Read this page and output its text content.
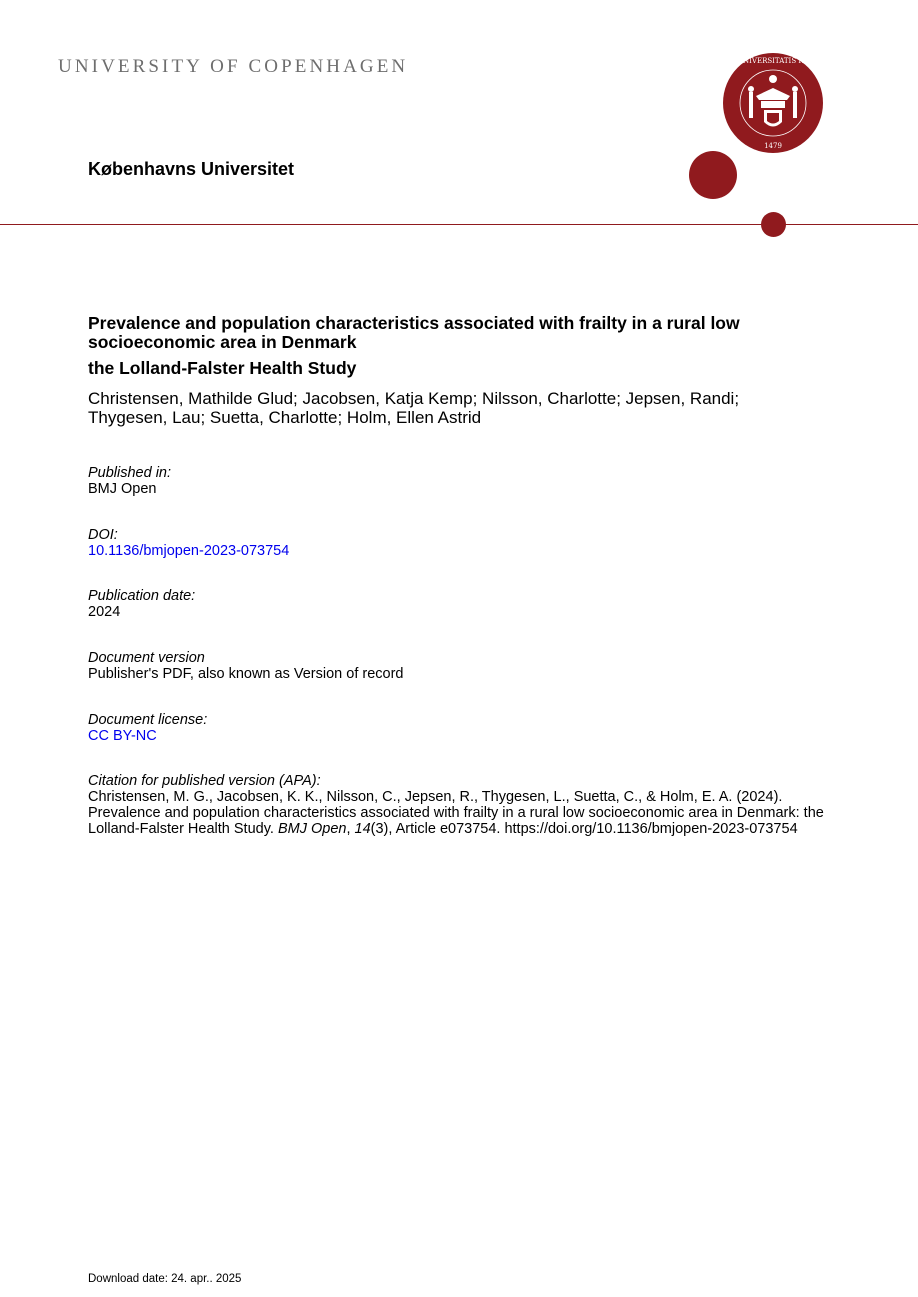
UNIVERSITY OF COPENHAGEN
Københavns Universitet
SIGILLVM VNIVERSITATIS HAFNIENSIS
1479
Prevalence and population characteristics associated with frailty in a rural low socioeconomic area in Denmark
the Lolland-Falster Health Study
Christensen, Mathilde Glud; Jacobsen, Katja Kemp; Nilsson, Charlotte; Jepsen, Randi; Thygesen, Lau; Suetta, Charlotte; Holm, Ellen Astrid
Published in:
BMJ Open
DOI:
10.1136/bmjopen-2023-073754
Publication date:
2024
Document version
Publisher's PDF, also known as Version of record
Document license:
CC BY-NC
Citation for published version (APA):
Christensen, M. G., Jacobsen, K. K., Nilsson, C., Jepsen, R., Thygesen, L., Suetta, C., & Holm, E. A. (2024). Prevalence and population characteristics associated with frailty in a rural low socioeconomic area in Denmark: the Lolland-Falster Health Study. BMJ Open, 14(3), Article e073754. https://doi.org/10.1136/bmjopen-2023-073754
Download date: 24. apr.. 2025
